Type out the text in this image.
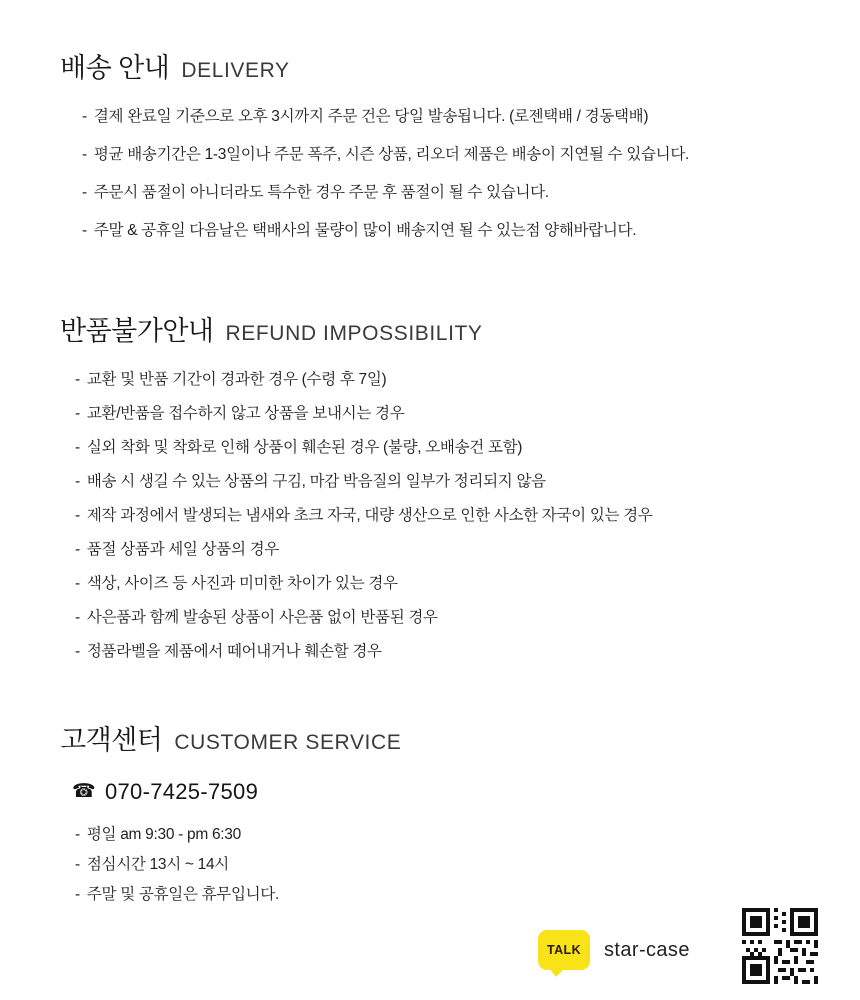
배송 안내 DELIVERY
- 결제 완료일 기준으로 오후 3시까지 주문 건은 당일 발송됩니다. (로젠택배 / 경동택배)
- 평균 배송기간은 1-3일이나 주문 폭주, 시즌 상품, 리오더 제품은 배송이 지연될 수 있습니다.
- 주문시 품절이 아니더라도 특수한 경우 주문 후 품절이 될 수 있습니다.
- 주말 & 공휴일 다음날은 택배사의 물량이 많이 배송지연 될 수 있는점 양해바랍니다.
반품불가안내 REFUND IMPOSSIBILITY
- 교환 및 반품 기간이 경과한 경우 (수령 후 7일)
- 교환/반품을 접수하지 않고 상품을 보내시는 경우
- 실외 착화 및 착화로 인해 상품이 훼손된 경우 (불량, 오배송건 포함)
- 배송 시 생길 수 있는 상품의 구김, 마감 박음질의 일부가 정리되지 않음
- 제작 과정에서 발생되는 냄새와 초크 자국, 대량 생산으로 인한 사소한 자국이 있는 경우
- 품절 상품과 세일 상품의 경우
- 색상, 사이즈 등 사진과 미미한 차이가 있는 경우
- 사은품과 함께 발송된 상품이 사은품 없이 반품된 경우
- 정품라벨을 제품에서 떼어내거나 훼손할 경우
고객센터 CUSTOMER SERVICE
☎ 070-7425-7509
- 평일 am 9:30 - pm 6:30
- 점심시간 13시 ~ 14시
- 주말 및 공휴일은 휴무입니다.
TALK star-case
